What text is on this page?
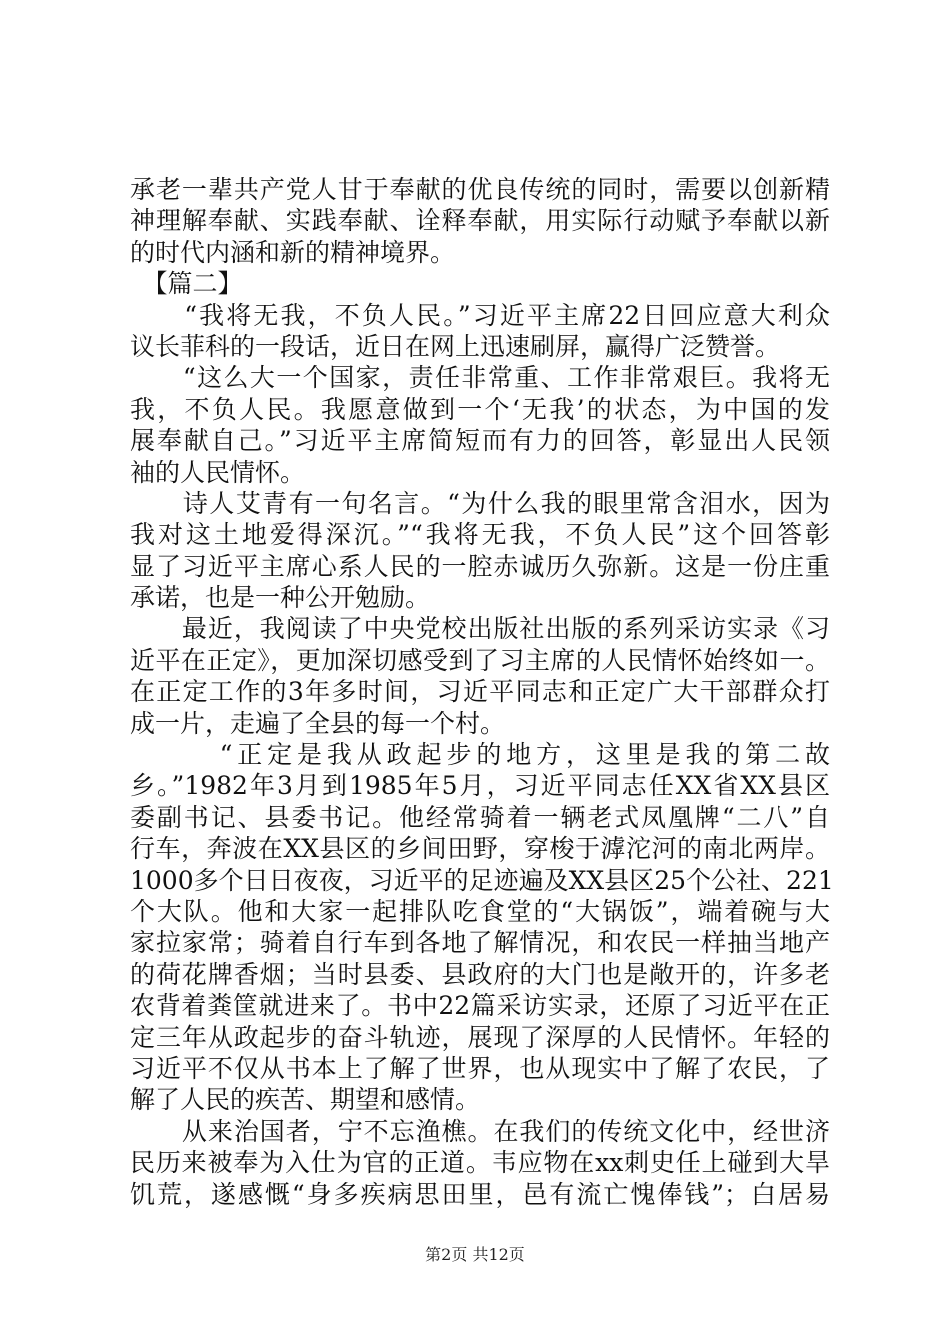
承老一辈共产党人甘于奉献的优良传统的同时，需要以创新精
神理解奉献、实践奉献、诠释奉献，用实际行动赋予奉献以新
的时代内涵和新的精神境界。
　【篇二】
　　“我将无我，不负人民。”习近平主席22日回应意大利众
议长菲科的一段话，近日在网上迅速刷屏，赢得广泛赞誉。
　　“这么大一个国家，责任非常重、工作非常艰巨。我将无
我，不负人民。我愿意做到一个‘无我’的状态，为中国的发
展奉献自己。”习近平主席简短而有力的回答，彰显出人民领
袖的人民情怀。
　　诗人艾青有一句名言。“为什么我的眼里常含泪水，因为
我对这土地爱得深沉。”“我将无我，不负人民”这个回答彰
显了习近平主席心系人民的一腔赤诚历久弥新。这是一份庄重
承诺，也是一种公开勉励。
　　最近，我阅读了中央党校出版社出版的系列采访实录《习
近平在正定》，更加深切感受到了习主席的人民情怀始终如一。
在正定工作的3年多时间，习近平同志和正定广大干部群众打
成一片，走遍了全县的每一个村。
　　　“正定是我从政起步的地方，这里是我的第二故
乡。”1982年3月到1985年5月，习近平同志任XX省XX县区
委副书记、县委书记。他经常骑着一辆老式凤凰牌“二八”自
行车，奔波在XX县区的乡间田野，穿梭于滹沱河的南北两岸。
1000多个日日夜夜，习近平的足迹遍及XX县区25个公社、221
个大队。他和大家一起排队吃食堂的“大锅饭”，端着碗与大
家拉家常；骑着自行车到各地了解情况，和农民一样抽当地产
的荷花牌香烟；当时县委、县政府的大门也是敞开的，许多老
农背着粪筐就进来了。书中22篇采访实录，还原了习近平在正
定三年从政起步的奋斗轨迹，展现了深厚的人民情怀。年轻的
习近平不仅从书本上了解了世界，也从现实中了解了农民，了
解了人民的疾苦、期望和感情。
　　从来治国者，宁不忘渔樵。在我们的传统文化中，经世济
民历来被奉为入仕为官的正道。韦应物在xx刺史任上碰到大旱
饥荒，遂感慨“身多疾病思田里，邑有流亡愧俸钱”；白居易
第2页 共12页
